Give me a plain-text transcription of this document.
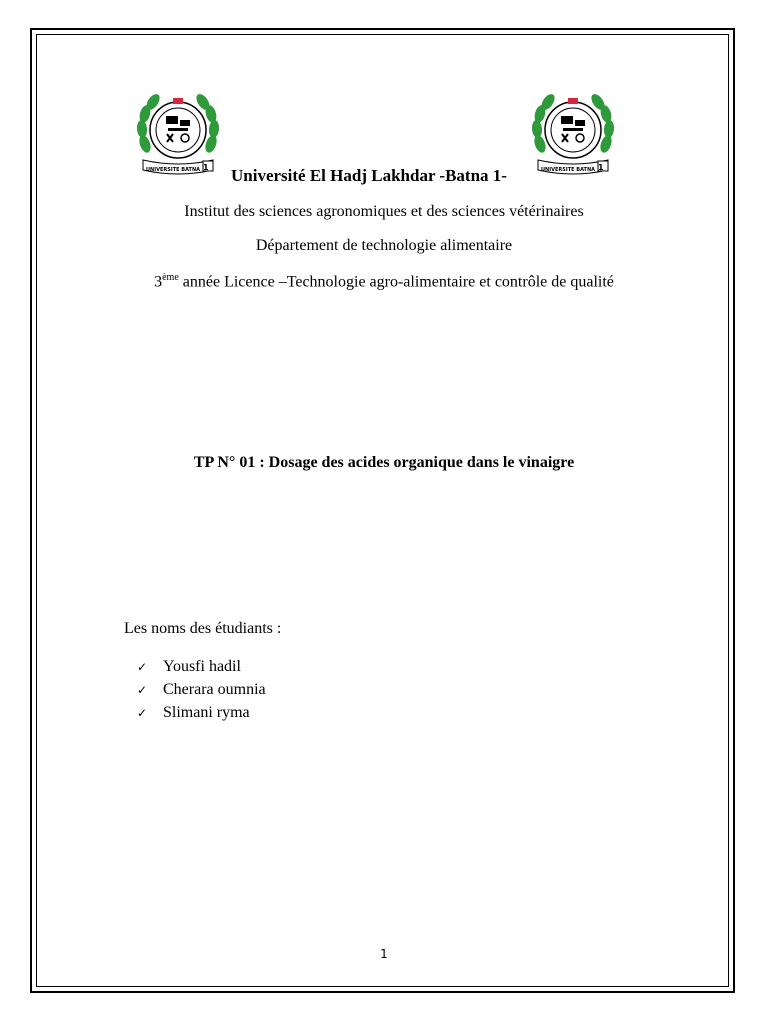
1
UNIVERSITE BATNA	1
UNIVERSITE BATNA
Université El Hadj Lakhdar -Batna 1-
Institut des sciences agronomiques et des sciences vétérinaires
Département de technologie alimentaire
3ème année Licence –Technologie agro-alimentaire et contrôle de qualité
TP N° 01 : Dosage des acides organique dans le vinaigre
Les noms des étudiants :
✓ Yousfi hadil
✓ Cherara oumnia
✓ Slimani ryma
1
